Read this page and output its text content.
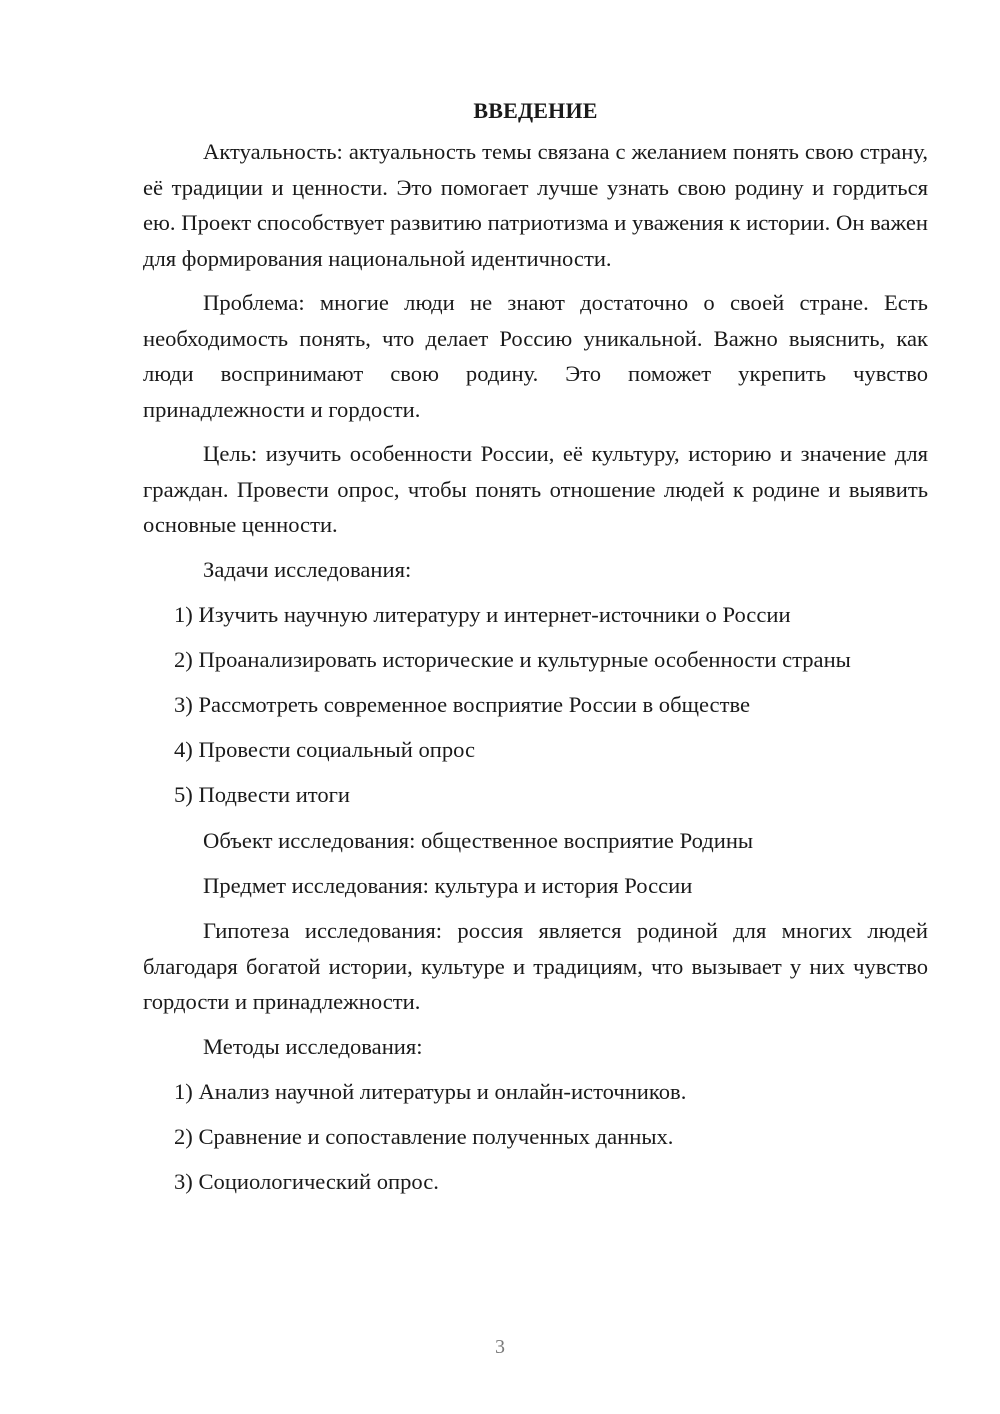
ВВЕДЕНИЕ

Актуальность: актуальность темы связана с желанием понять свою страну, её традиции и ценности. Это помогает лучше узнать свою родину и гордиться ею. Проект способствует развитию патриотизма и уважения к истории. Он важен для формирования национальной идентичности.

Проблема: многие люди не знают достаточно о своей стране. Есть необходимость понять, что делает Россию уникальной. Важно выяснить, как люди воспринимают свою родину. Это поможет укрепить чувство принадлежности и гордости.

Цель: изучить особенности России, её культуру, историю и значение для граждан. Провести опрос, чтобы понять отношение людей к родине и выявить основные ценности.

Задачи исследования:
1) Изучить научную литературу и интернет-источники о России
2) Проанализировать исторические и культурные особенности страны
3) Рассмотреть современное восприятие России в обществе
4) Провести социальный опрос
5) Подвести итоги
Объект исследования: общественное восприятие Родины
Предмет исследования: культура и история России

Гипотеза исследования: россия является родиной для многих людей благодаря богатой истории, культуре и традициям, что вызывает у них чувство гордости и принадлежности.

Методы исследования:
1) Анализ научной литературы и онлайн-источников.
2) Сравнение и сопоставление полученных данных.
3) Социологический опрос.
3
